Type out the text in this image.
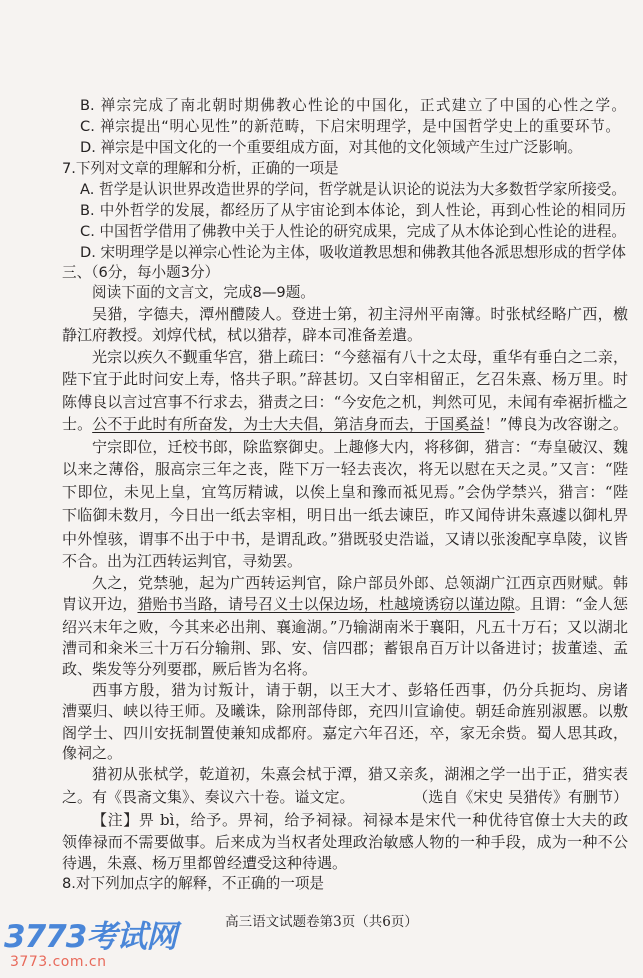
B. 禅宗完成了南北朝时期佛教心性论的中国化，正式建立了中国的心性之学。
C. 禅宗提出“明心见性”的新范畴，下启宋明理学，是中国哲学史上的重要环节。
D. 禅宗是中国文化的一个重要组成方面，对其他的文化领域产生过广泛影响。
7.下列对文章的理解和分析，正确的一项是
A. 哲学是认识世界改造世界的学问，哲学就是认识论的说法为大多数哲学家所接受。
B. 中外哲学的发展，都经历了从宇宙论到本体论，到人性论，再到心性论的相同历
C. 中国哲学借用了佛教中关于人性论的研究成果，完成了从木体论到心性论的进程。
D. 宋明理学是以禅宗心性论为主体，吸收道教思想和佛教其他各派思想形成的哲学体
三、（6分，每小题3分）
阅读下面的文言文，完成8—9题。
吴猎，字德夫，潭州醴陵人。登进士第，初主浔州平南簿。时张栻经略广西，檄
静江府教授。刘焞代栻，栻以猎荐，辟本司准备差遣。
光宗以疾久不觐重华宫，猎上疏曰：“今慈福有八十之太母，重华有垂白之二亲，
陛下宜于此时问安上寿，恪共子职。”辞甚切。又白宰相留正，乞召朱熹、杨万里。时
陈傅良以言过宫事不行求去，猎责之曰：“今安危之机，判然可见，未闻有牵裾折槛之
士。公不于此时有所奋发，为士大夫倡，第洁身而去，于国奚益！”傅良为改容谢之。
宁宗即位，迁校书郎，除监察御史。上趣修大内，将移御，猎言：“寿皇破汉、魏
以来之薄俗，服高宗三年之丧，陛下万一轻去丧次，将无以慰在天之灵。”又言：“陛
下即位，未见上皇，宜笃厉精诚，以俟上皇和豫而祗见焉。”会伪学禁兴，猎言：“陛
下临御未数月，今日出一纸去宰相，明日出一纸去谏臣，昨又闻侍讲朱熹遽以御札畀
中外惶骇，谓事不出于中书，是谓乱政。”猎既驳史浩谥，又请以张浚配享阜陵，议皆
不合。出为江西转运判官，寻劾罢。
久之，党禁驰，起为广西转运判官，除户部员外郎、总领湖广江西京西财赋。韩
胄议开边，猎贻书当路，请号召义士以保边场，杜越境诱窃以谨边隙。且谓：“金人惩
绍兴末年之败，今其来必出荆、襄逾湖。”乃输湖南米于襄阳，凡五十万石；又以湖北
漕司和籴米三十万石分输荆、郢、安、信四郡；蓄银帛百万计以备进讨；拔董逵、孟
政、柴发等分列要郡，厥后皆为名将。
西事方殷，猎为讨叛计，请于朝，以王大才、彭辂任西事，仍分兵扼均、房诸
漕粟归、峡以待王师。及曦诛，除刑部侍郎，充四川宣谕使。朝廷命旌别淑慝。以敷
阁学士、四川安抚制置使兼知成都府。嘉定六年召还，卒，家无余赀。蜀人思其政，
像祠之。
猎初从张栻学，乾道初，朱熹会栻于潭，猎又亲炙，湖湘之学一出于正，猎实表
之。有《畏斋文集》、奏议六十卷。谥文定。	（选自《宋史 吴猎传》有删节）
【注】畀 bì，给予。畀祠，给予祠禄。祠禄本是宋代一种优待官僚士大夫的政
领俸禄而不需要做事。后来成为当权者处理政治敏感人物的一种手段，成为一种不公
待遇，朱熹、杨万里都曾经遭受这种待遇。
8.对下列加点字的解释，不正确的一项是
高三语文试题卷第3页（共6页）
3773考试网
3773.com.cn
